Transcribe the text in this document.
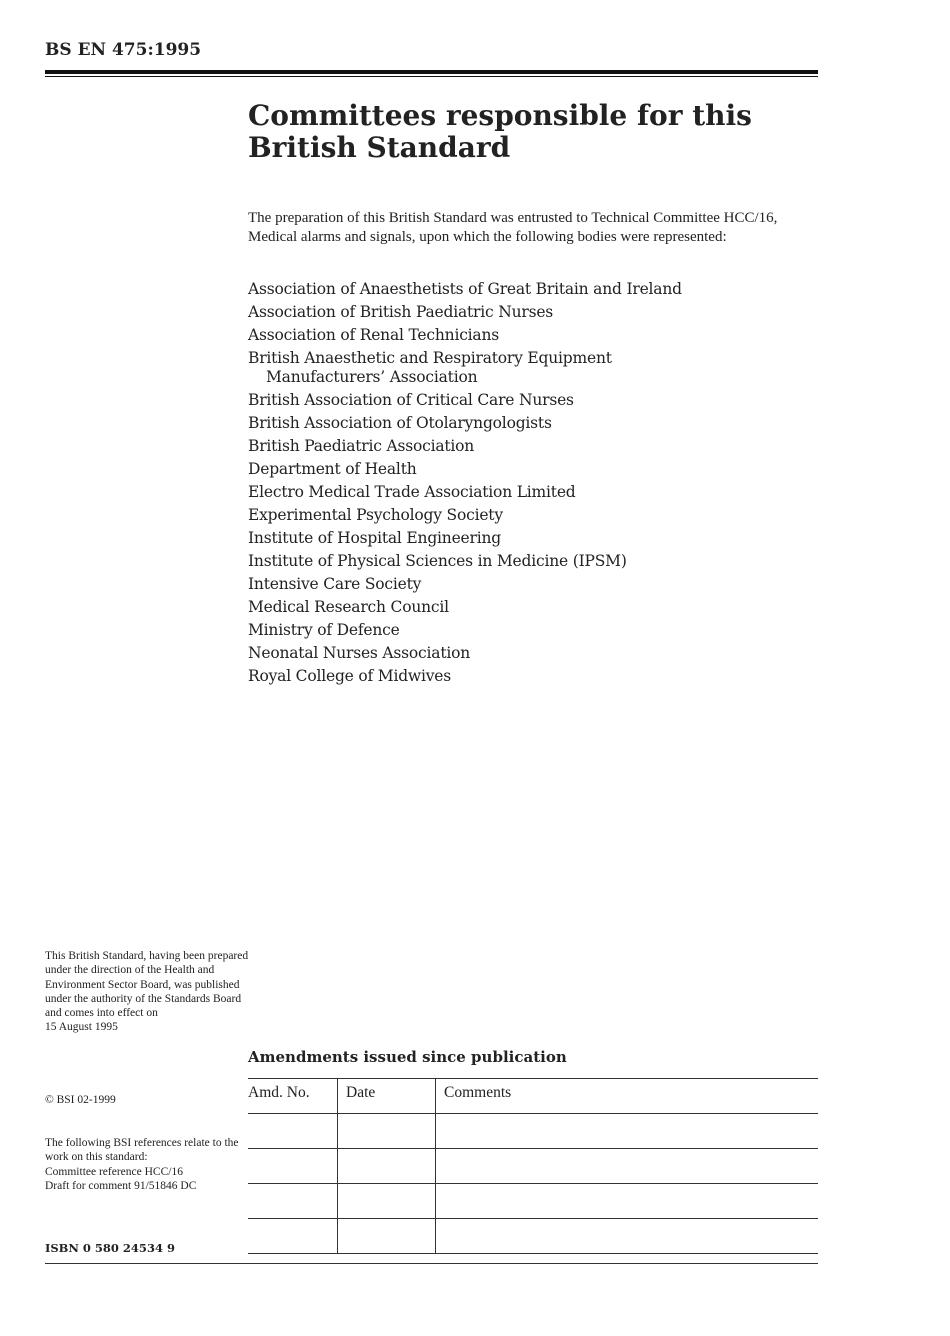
BS EN 475:1995
Committees responsible for this British Standard
The preparation of this British Standard was entrusted to Technical Committee HCC/16, Medical alarms and signals, upon which the following bodies were represented:
Association of Anaesthetists of Great Britain and Ireland
Association of British Paediatric Nurses
Association of Renal Technicians
British Anaesthetic and Respiratory Equipment Manufacturers’ Association
British Association of Critical Care Nurses
British Association of Otolaryngologists
British Paediatric Association
Department of Health
Electro Medical Trade Association Limited
Experimental Psychology Society
Institute of Hospital Engineering
Institute of Physical Sciences in Medicine (IPSM)
Intensive Care Society
Medical Research Council
Ministry of Defence
Neonatal Nurses Association
Royal College of Midwives
This British Standard, having been prepared under the direction of the Health and Environment Sector Board, was published under the authority of the Standards Board and comes into effect on
15 August 1995
© BSI 02-1999
The following BSI references relate to the work on this standard:
Committee reference HCC/16
Draft for comment 91/51846 DC
ISBN 0 580 24534 9
Amendments issued since publication
Amd. No.	Date	Comments
